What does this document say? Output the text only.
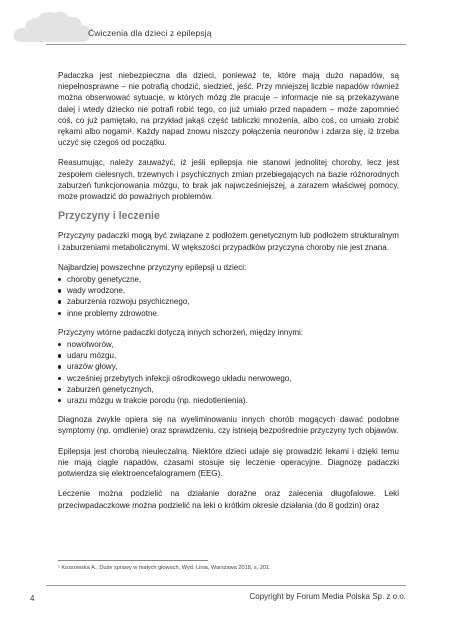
Ćwiczenia dla dzieci z epilepsją

Padaczka jest niebezpieczna dla dzieci, ponieważ te, które mają dużo napadów, są niepełnosprawne – nie potrafią chodzić, siedzieć, jeść. Przy mniejszej liczbie napadów również można obserwować sytuacje, w których mózg źle pracuje – informacje nie są przekazywane dalej i wtedy dziecko nie potrafi robić tego, co już umiało przed napadem – może zapomnieć coś, co już pamiętało, na przykład jakąś część tabliczki mnożenia, albo coś, co umiało zrobić rękami albo nogami¹. Każdy napad znowu niszczy połączenia neuronów i zdarza się, iż trzeba uczyć się czegoś od początku.

Reasumując, należy zauważyć, iż jeśli epilepsja nie stanowi jednolitej choroby, lecz jest zespołem cielesnych, trzewnych i psychicznych zmian przebiegających na bazie różnorodnych zaburzeń funkcjonowania mózgu, to brak jak najwcześniejszej, a zarazem właściwej pomocy, może prowadzić do poważnych problemów.

Przyczyny i leczenie

Przyczyny padaczki mogą być związane z podłożem genetycznym lub podłożem strukturalnym i zaburzeniami metabolicznymi. W większości przypadków przyczyna choroby nie jest znana.

Najbardziej powszechne przyczyny epilepsji u dzieci:

choroby genetyczne,
wady wrodzone,
zaburzenia rozwoju psychicznego,
inne problemy zdrowotne.

Przyczyny wtórne padaczki dotyczą innych schorzeń, między innymi:

nowotworów,
udaru mózgu,
urazów głowy,
wcześniej przebytych infekcji ośrodkowego układu nerwowego,
zaburzeń genetycznych,
urazu mózgu w trakcie porodu (np. niedotlenienia).

Diagnoza zwykle opiera się na wyeliminowaniu innych chorób mogących dawać podobne symptomy (np. omdlenie) oraz sprawdzeniu, czy istnieją bezpośrednie przyczyny tych objawów.

Epilepsja jest chorobą nieuleczalną. Niektóre dzieci udaje się prowadzić lekami i dzięki temu nie mają ciągle napadów, czasami stosuje się leczenie operacyjne. Diagnozę padaczki potwierdza się elektroencefalogramem (EEG).

Leczenie można podzielić na działanie doraźne oraz zalecenia długofalowe. Leki przeciwpadaczkowe można podzielić na leki o krótkim okresie działania (do 8 godzin) oraz

¹ Kossowska A., Duże sprawy w małych głowach, Wyd. Linia, Warszawa 2018, s. 201.
4	Copyright by Forum Media Polska Sp. z o.o.
